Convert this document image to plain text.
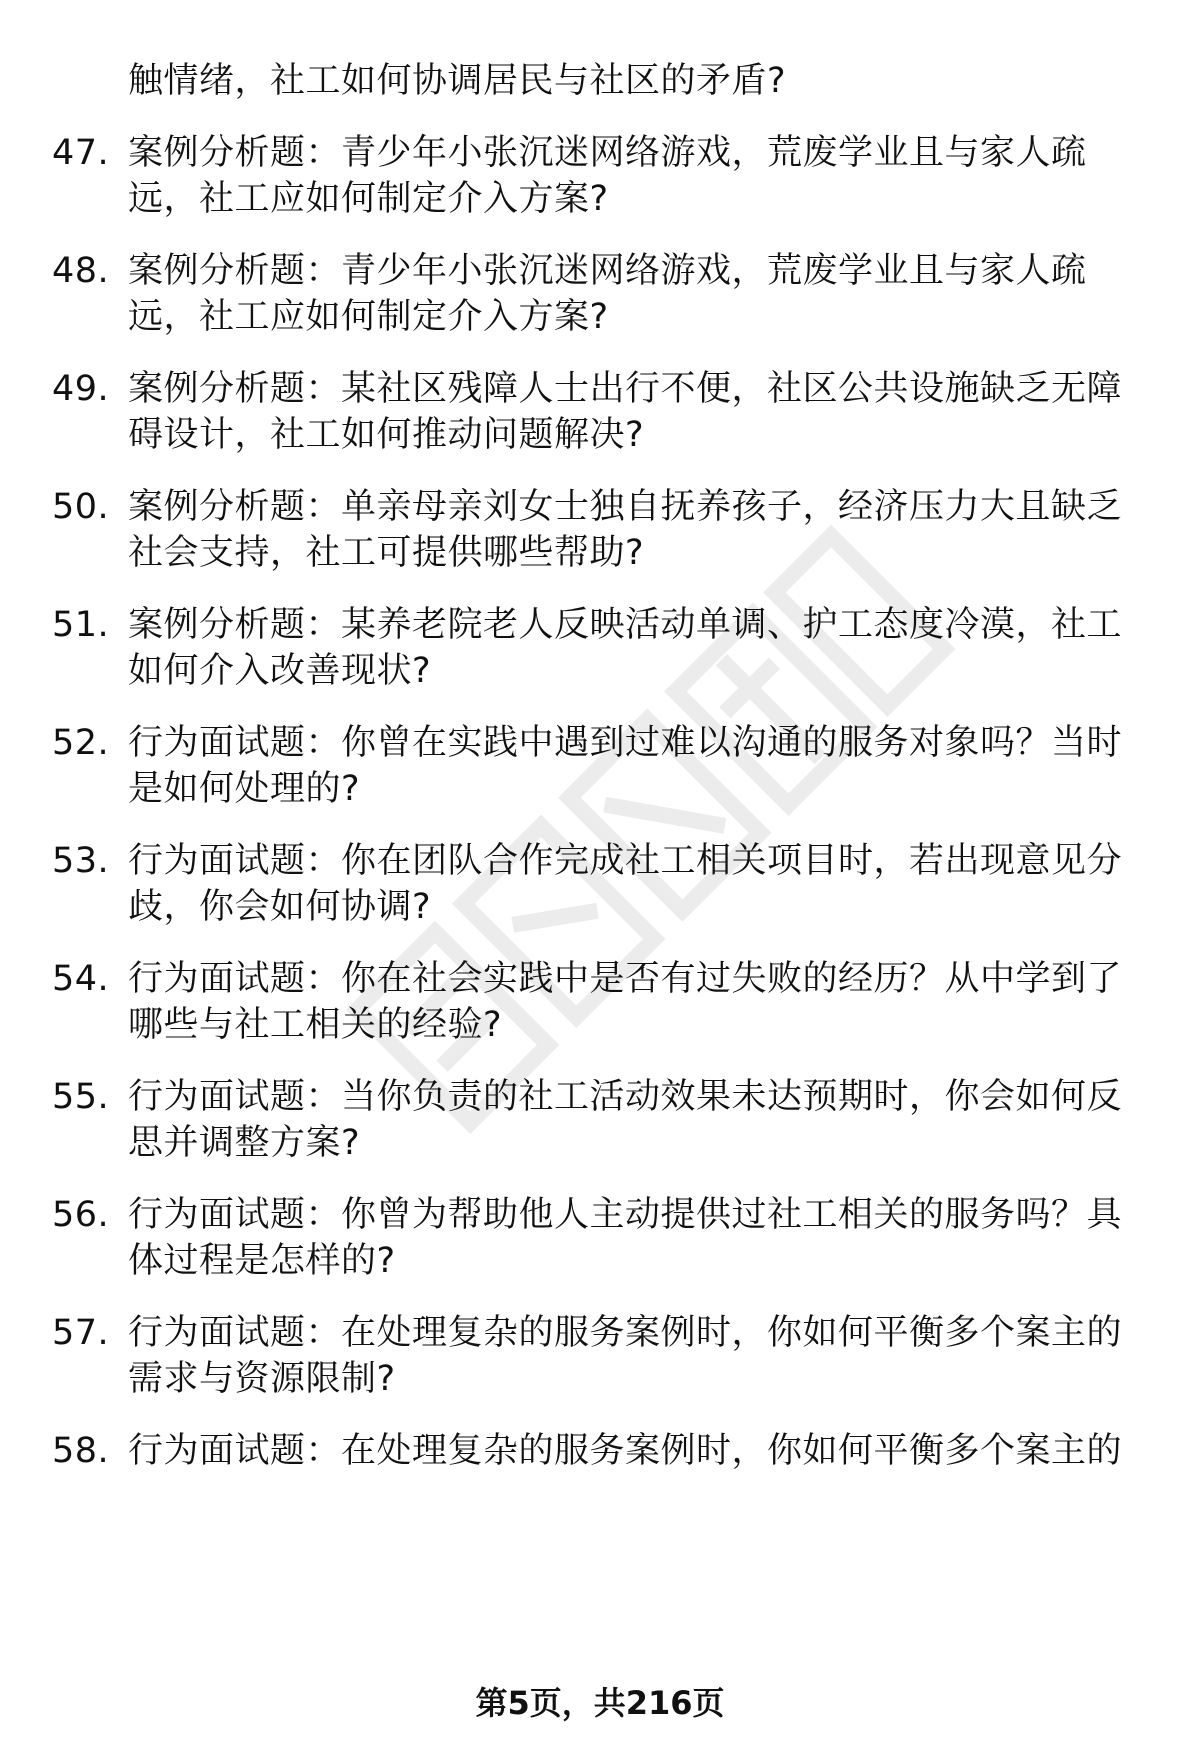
触情绪，社工如何协调居民与社区的矛盾?
47. 案例分析题：青少年小张沉迷网络游戏，荒废学业且与家人疏远，社工应如何制定介入方案?
48. 案例分析题：青少年小张沉迷网络游戏，荒废学业且与家人疏远，社工应如何制定介入方案?
49. 案例分析题：某社区残障人士出行不便，社区公共设施缺乏无障碍设计，社工如何推动问题解决?
50. 案例分析题：单亲母亲刘女士独自抚养孩子，经济压力大且缺乏社会支持，社工可提供哪些帮助?
51. 案例分析题：某养老院老人反映活动单调、护工态度冷漠，社工如何介入改善现状?
52. 行为面试题：你曾在实践中遇到过难以沟通的服务对象吗？当时是如何处理的?
53. 行为面试题：你在团队合作完成社工相关项目时，若出现意见分歧，你会如何协调?
54. 行为面试题：你在社会实践中是否有过失败的经历？从中学到了哪些与社工相关的经验?
55. 行为面试题：当你负责的社工活动效果未达预期时，你会如何反思并调整方案?
56. 行为面试题：你曾为帮助他人主动提供过社工相关的服务吗？具体过程是怎样的?
57. 行为面试题：在处理复杂的服务案例时，你如何平衡多个案主的需求与资源限制?
58. 行为面试题：在处理复杂的服务案例时，你如何平衡多个案主的
第5页，共216页
